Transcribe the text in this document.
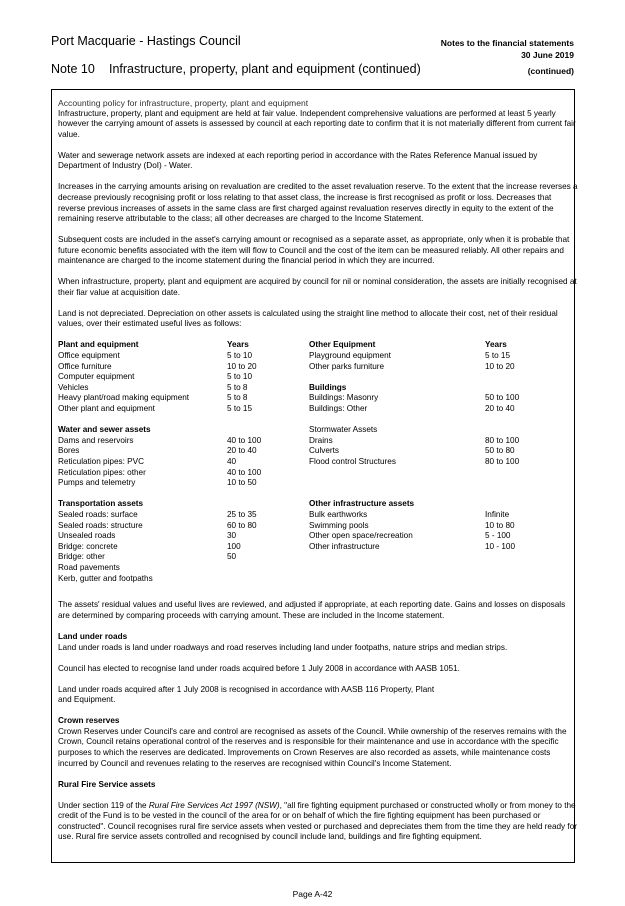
Port Macquarie - Hastings Council	Notes to the financial statements
30 June 2019
Note 10 Infrastructure, property, plant and equipment (continued)	(continued)
Accounting policy for infrastructure, property, plant and equipment

Infrastructure, property, plant and equipment are held at fair value. Independent comprehensive valuations are performed at least 5 yearly however the carrying amount of assets is assessed by council at each reporting date to confirm that it is not materially different from current fair value.

Water and sewerage network assets are indexed at each reporting period in accordance with the Rates Reference Manual issued by Department of Industry (DoI) - Water.

Increases in the carrying amounts arising on revaluation are credited to the asset revaluation reserve. To the extent that the increase reverses a decrease previously recognising profit or loss relating to that asset class, the increase is first recognised as profit or loss. Decreases that reverse previous increases of assets in the same class are first charged against revaluation reserves directly in equity to the extent of the remaining reserve attributable to the class; all other decreases are charged to the Income Statement.

Subsequent costs are included in the asset's carrying amount or recognised as a separate asset, as appropriate, only when it is probable that future economic benefits associated with the item will flow to Council and the cost of the item can be measured reliably. All other repairs and maintenance are charged to the income statement during the financial period in which they are incurred.

When infrastructure, property, plant and equipment are acquired by council for nil or nominal consideration, the assets are initially recognised at their fiar value at acquisition date.

Land is not depreciated. Depreciation on other assets is calculated using the straight line method to allocate their cost, net of their residual values, over their estimated useful lives as follows:

Plant and equipment
Office equipment
Office furniture
Computer equipment
Vehicles
Heavy plant/road making equipment
Other plant and equipment
Water and sewer assets
Dams and reservoirs
Bores
Reticulation pipes: PVC
Reticulation pipes: other
Pumps and telemetry
Transportation assets
Sealed roads: surface
Sealed roads: structure
Unsealed roads
Bridge: concrete
Bridge: other
Road pavements
Kerb, gutter and footpaths
Years
5 to 10
10 to 20
5 to 10
5 to 8
5 to 8
5 to 15
40 to 100
20 to 40
40
40 to 100
10 to 50
25 to 35
60 to 80
30
100
50
Other Equipment
Playground equipment
Other parks furniture
Buildings
Buildings: Masonry
Buildings: Other
Stormwater Assets
Drains
Culverts
Flood control Structures
Other infrastructure assets
Bulk earthworks
Swimming pools
Other open space/recreation
Other infrastructure
Years
5 to 15
10 to 20
50 to 100
20 to 40
80 to 100
50 to 80
80 to 100
Infinite
10 to 80
5 - 100
10 - 100

The assets' residual values and useful lives are reviewed, and adjusted if appropriate, at each reporting date. Gains and losses on disposals are determined by comparing proceeds with carrying amount. These are included in the Income statement.

Land under roads

Land under roads is land under roadways and road reserves including land under footpaths, nature strips and median strips.

Council has elected to recognise land under roads acquired before 1 July 2008 in accordance with AASB 1051.

Land under roads acquired after 1 July 2008 is recognised in accordance with AASB 116 Property, Plant
and Equipment.

Crown reserves

Crown Reserves under Council's care and control are recognised as assets of the Council. While ownership of the reserves remains with the Crown, Council retains operational control of the reserves and is responsible for their maintenance and use in accordance with the specific purposes to which the reserves are dedicated. Improvements on Crown Reserves are also recorded as assets, while maintenance costs incurred by Council and revenues relating to the reserves are recognised within Council's Income Statement.

Rural Fire Service assets

Under section 119 of the Rural Fire Services Act 1997 (NSW), "all fire fighting equipment purchased or constructed wholly or from money to the credit of the Fund is to be vested in the council of the area for or on behalf of which the fire fighting equipment has been purchased or constructed". Council recognises rural fire service assets when vested or purchased and depreciates them from the time they are held ready for use. Rural fire service assets controlled and recognised by council include land, buildings and fire fighting equipment.

Page A-42
